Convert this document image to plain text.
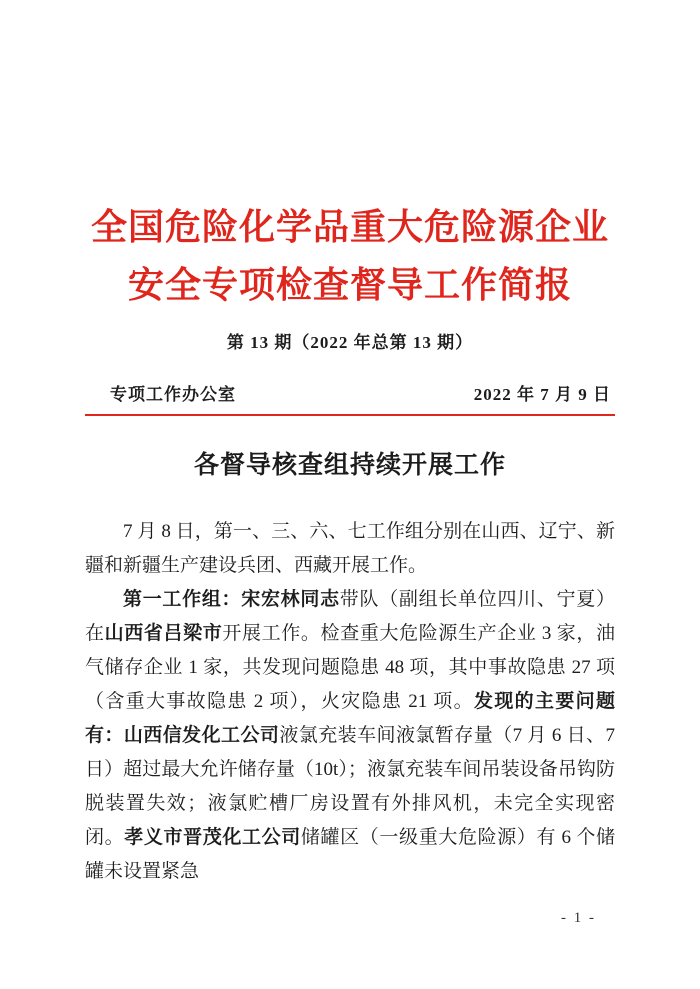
全国危险化学品重大危险源企业
安全专项检查督导工作简报
第 13 期（2022 年总第 13 期）
专项工作办公室	2022 年 7 月 9 日
各督导核查组持续开展工作

7 月 8 日，第一、三、六、七工作组分别在山西、辽宁、新疆和新疆生产建设兵团、西藏开展工作。

第一工作组：宋宏林同志带队（副组长单位四川、宁夏）在山西省吕梁市开展工作。检查重大危险源生产企业 3 家，油气储存企业 1 家，共发现问题隐患 48 项，其中事故隐患 27 项（含重大事故隐患 2 项），火灾隐患 21 项。发现的主要问题有：山西信发化工公司液氯充装车间液氯暂存量（7 月 6 日、7 日）超过最大允许储存量（10t）；液氯充装车间吊装设备吊钩防脱装置失效；液氯贮槽厂房设置有外排风机，未完全实现密闭。孝义市晋茂化工公司储罐区（一级重大危险源）有 6 个储罐未设置紧急

- 1 -
